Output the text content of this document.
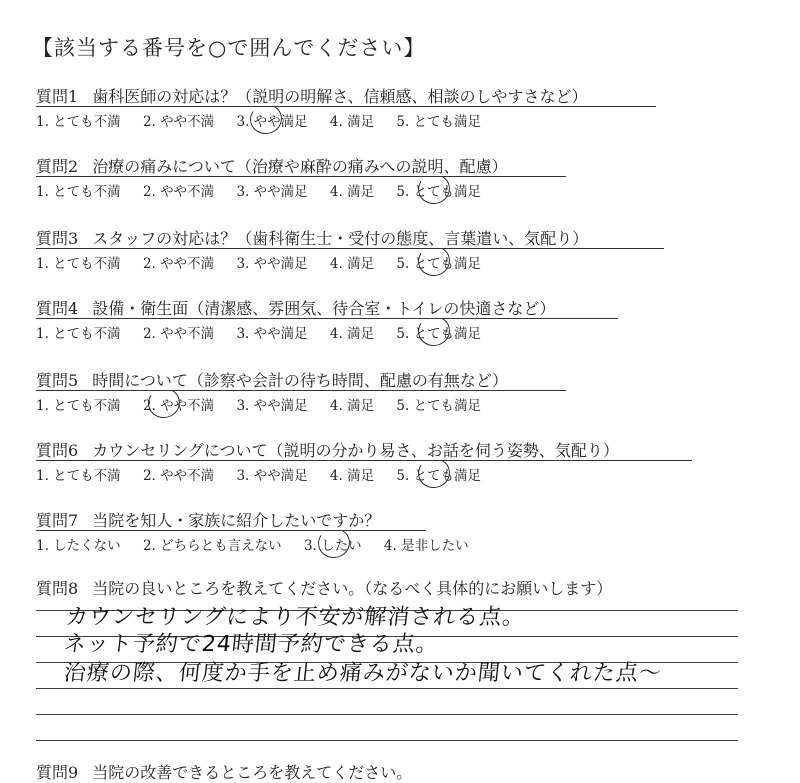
【該当する番号を○で囲んでください】
質問1 歯科医師の対応は？（説明の明解さ、信頼感、相談のしやすさなど）
1. とても不満 2. やや不満 3. やや満足 4. 満足 5. とても満足
質問2 治療の痛みについて（治療や麻酔の痛みへの説明、配慮）
1. とても不満 2. やや不満 3. やや満足 4. 満足 5. とても満足
質問3 スタッフの対応は？（歯科衛生士・受付の態度、言葉遣い、気配り）
1. とても不満 2. やや不満 3. やや満足 4. 満足 5. とても満足
質問4 設備・衛生面（清潔感、雰囲気、待合室・トイレの快適さなど）
1. とても不満 2. やや不満 3. やや満足 4. 満足 5. とても満足
質問5 時間について（診察や会計の待ち時間、配慮の有無など）
1. とても不満 2. やや不満 3. やや満足 4. 満足 5. とても満足
質問6 カウンセリングについて（説明の分かり易さ、お話を伺う姿勢、気配り）
1. とても不満 2. やや不満 3. やや満足 4. 満足 5. とても満足
質問7 当院を知人・家族に紹介したいですか？
1. したくない 2. どちらとも言えない 3. したい 4. 是非したい
質問8 当院の良いところを教えてください。（なるべく具体的にお願いします）
カウンセリングにより不安が解消される点。
ネット予約で24時間予約できる点。
治療の際、何度か手を止め痛みがないか聞いてくれた点〜
質問9 当院の改善できるところを教えてください。
